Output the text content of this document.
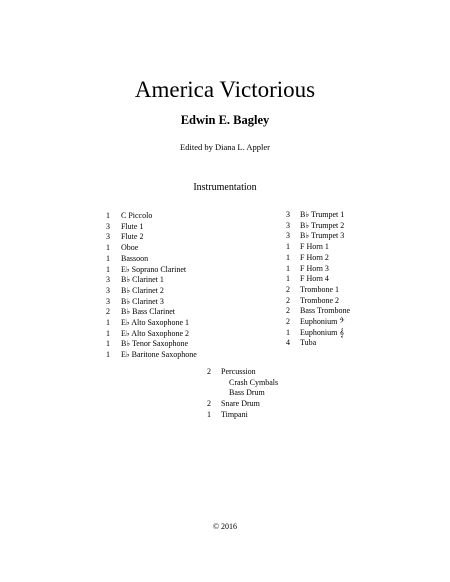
America Victorious
Edwin E. Bagley
Edited by Diana L. Appler
Instrumentation
1	C Piccolo
3	Flute 1
3	Flute 2
1	Oboe
1	Bassoon
1	E♭ Soprano Clarinet
3	B♭ Clarinet 1
3	B♭ Clarinet 2
3	B♭ Clarinet 3
2	B♭ Bass Clarinet
1	E♭ Alto Saxophone 1
1	E♭ Alto Saxophone 2
1	B♭ Tenor Saxophone
1	E♭ Baritone Saxophone
3	B♭ Trumpet 1
3	B♭ Trumpet 2
3	B♭ Trumpet 3
1	F Horn 1
1	F Horn 2
1	F Horn 3
1	F Horn 4
2	Trombone 1
2	Trombone 2
2	Bass Trombone
2	Euphonium 𝄢
1	Euphonium 𝄞
4	Tuba
2	Percussion
Crash Cymbals
Bass Drum
2	Snare Drum
1	Timpani
© 2016
